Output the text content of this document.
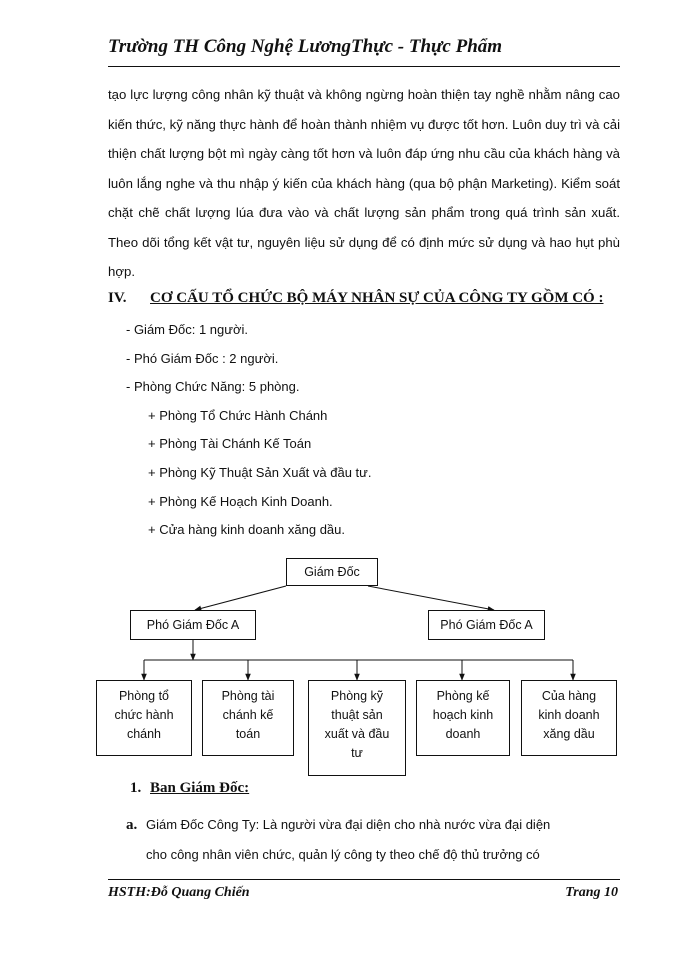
Trường TH Công Nghệ LươngThực - Thực Phẩm
tạo lực lượng công nhân kỹ thuật và không ngừng hoàn thiện tay nghề nhằm nâng cao kiến thức, kỹ năng thực hành để hoàn thành nhiệm vụ được tốt hơn. Luôn duy trì và cải thiện chất lượng bột mì ngày càng tốt hơn và luôn đáp ứng nhu cầu của khách hàng và luôn lắng nghe và thu nhập ý kiến của khách hàng (qua bộ phận Marketing). Kiểm soát chặt chẽ chất lượng lúa đưa vào và chất lượng sản phẩm trong quá trình sản xuất. Theo dõi tổng kết vật tư, nguyên liệu sử dụng để có định mức sử dụng và hao hụt phù hợp.
IV. CƠ CẤU TỔ CHỨC BỘ MÁY NHÂN SỰ CỦA CÔNG TY GỒM CÓ :
- Giám Đốc: 1 người.
- Phó Giám Đốc : 2 người.
- Phòng Chức Năng: 5 phòng.
+ Phòng Tổ Chức Hành Chánh
+ Phòng Tài Chánh Kế Toán
+ Phòng Kỹ Thuật Sản Xuất và đầu tư.
+ Phòng Kế Hoạch Kinh Doanh.
+ Cửa hàng kinh doanh xăng dầu.
Giám Đốc
Phó Giám Đốc A	Phó Giám Đốc A
Phòng tổ
chức hành
chánh
Phòng tài
chánh kế
toán
Phòng kỹ
thuật sản
xuất và đầu
tư
Phòng kế
hoạch kinh
doanh
Của hàng
kinh doanh
xăng dầu
1. Ban Giám Đốc:
a. Giám Đốc Công Ty: Là người vừa đại diện cho nhà nước vừa đại diện
cho công nhân viên chức, quản lý công ty theo chế độ thủ trưởng có
HSTH:Đỗ Quang Chiến	Trang 10
